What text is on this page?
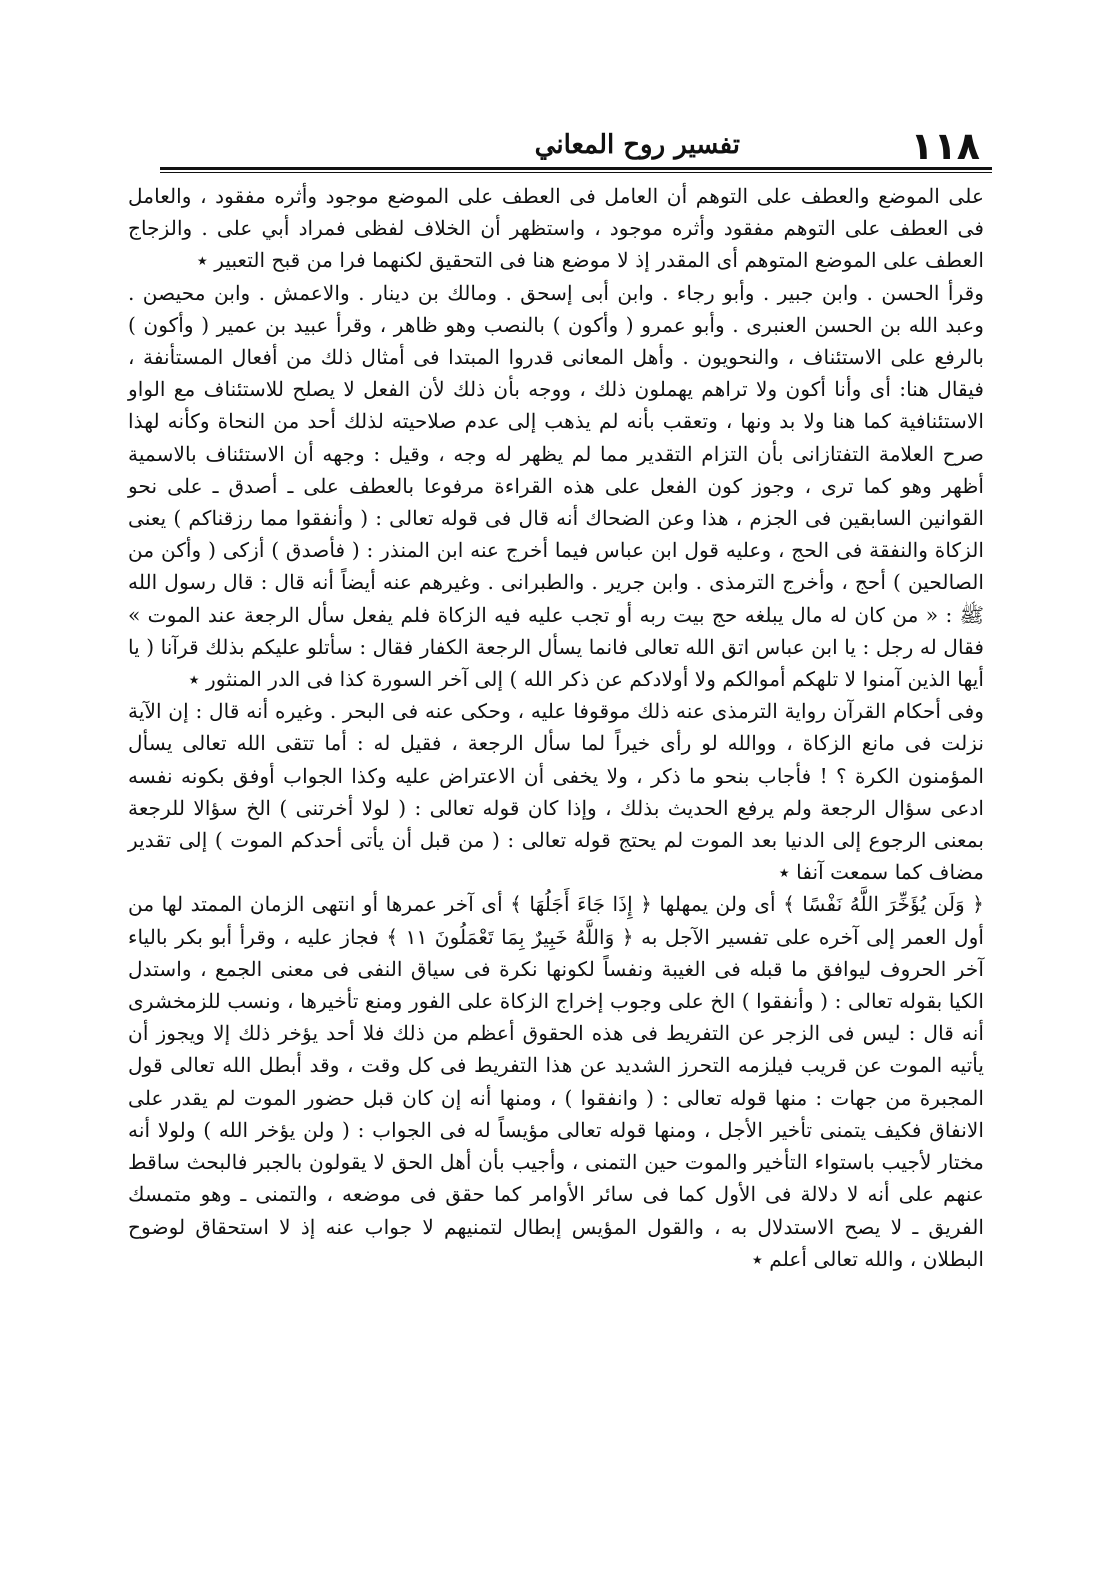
١١٨
تفسير روح المعاني

على الموضع والعطف على التوهم أن العامل فى العطف على الموضع موجود وأثره مفقود ، والعامل فى العطف على التوهم مفقود وأثره موجود ، واستظهر أن الخلاف لفظى فمراد أبي على . والزجاج العطف على الموضع المتوهم أى المقدر إذ لا موضع هنا فى التحقيق لكنهما فرا من قبح التعبير ٭

وقرأ الحسن . وابن جبير . وأبو رجاء . وابن أبى إسحق . ومالك بن دينار . والاعمش . وابن محيصن . وعبد الله بن الحسن العنبرى . وأبو عمرو ( وأكون ) بالنصب وهو ظاهر ، وقرأ عبيد بن عمير ( وأكون ) بالرفع على الاستئناف ، والنحويون . وأهل المعانى قدروا المبتدا فى أمثال ذلك من أفعال المستأنفة ، فيقال هنا: أى وأنا أكون ولا تراهم يهملون ذلك ، ووجه بأن ذلك لأن الفعل لا يصلح للاستئناف مع الواو الاستئنافية كما هنا ولا بد ونها ، وتعقب بأنه لم يذهب إلى عدم صلاحيته لذلك أحد من النحاة وكأنه لهذا صرح العلامة التفتازانى بأن التزام التقدير مما لم يظهر له وجه ، وقيل : وجهه أن الاستئناف بالاسمية أظهر وهو كما ترى ، وجوز كون الفعل على هذه القراءة مرفوعا بالعطف على ـ أصدق ـ على نحو القوانين السابقين فى الجزم ، هذا وعن الضحاك أنه قال فى قوله تعالى : ( وأنفقوا مما رزقناكم ) يعنى الزكاة والنفقة فى الحج ، وعليه قول ابن عباس فيما أخرج عنه ابن المنذر : ( فأصدق ) أزكى ( وأكن من الصالحين ) أحج ، وأخرج الترمذى . وابن جرير . والطبرانى . وغيرهم عنه أيضاً أنه قال : قال رسول الله ﷺ : « من كان له مال يبلغه حج بيت ربه أو تجب عليه فيه الزكاة فلم يفعل سأل الرجعة عند الموت » فقال له رجل : يا ابن عباس اتق الله تعالى فانما يسأل الرجعة الكفار فقال : سأتلو عليكم بذلك قرآنا ( يا أيها الذين آمنوا لا تلهكم أموالكم ولا أولادكم عن ذكر الله ) إلى آخر السورة كذا فى الدر المنثور ٭

وفى أحكام القرآن رواية الترمذى عنه ذلك موقوفا عليه ، وحكى عنه فى البحر . وغيره أنه قال : إن الآية نزلت فى مانع الزكاة ، ووالله لو رأى خيراً لما سأل الرجعة ، فقيل له : أما تتقى الله تعالى يسأل المؤمنون الكرة ؟ ! فأجاب بنحو ما ذكر ، ولا يخفى أن الاعتراض عليه وكذا الجواب أوفق بكونه نفسه ادعى سؤال الرجعة ولم يرفع الحديث بذلك ، وإذا كان قوله تعالى : ( لولا أخرتنى ) الخ سؤالا للرجعة بمعنى الرجوع إلى الدنيا بعد الموت لم يحتج قوله تعالى : ( من قبل أن يأتى أحدكم الموت ) إلى تقدير مضاف كما سمعت آنفا ٭

﴿ وَلَن يُؤَخِّرَ اللَّهُ نَفْسًا ﴾ أى ولن يمهلها ﴿ إِذَا جَاءَ أَجَلُهَا ﴾ أى آخر عمرها أو انتهى الزمان الممتد لها من أول العمر إلى آخره على تفسير الآجل به ﴿ وَاللَّهُ خَبِيرٌ بِمَا تَعْمَلُونَ ١١ ﴾ فجاز عليه ، وقرأ أبو بكر بالياء آخر الحروف ليوافق ما قبله فى الغيبة ونفساً لكونها نكرة فى سياق النفى فى معنى الجمع ، واستدل الكيا بقوله تعالى : ( وأنفقوا ) الخ على وجوب إخراج الزكاة على الفور ومنع تأخيرها ، ونسب للزمخشرى أنه قال : ليس فى الزجر عن التفريط فى هذه الحقوق أعظم من ذلك فلا أحد يؤخر ذلك إلا ويجوز أن يأتيه الموت عن قريب فيلزمه التحرز الشديد عن هذا التفريط فى كل وقت ، وقد أبطل الله تعالى قول المجبرة من جهات : منها قوله تعالى : ( وانفقوا ) ، ومنها أنه إن كان قبل حضور الموت لم يقدر على الانفاق فكيف يتمنى تأخير الأجل ، ومنها قوله تعالى مؤيساً له فى الجواب : ( ولن يؤخر الله ) ولولا أنه مختار لأجيب باستواء التأخير والموت حين التمنى ، وأجيب بأن أهل الحق لا يقولون بالجبر فالبحث ساقط عنهم على أنه لا دلالة فى الأول كما فى سائر الأوامر كما حقق فى موضعه ، والتمنى ـ وهو متمسك الفريق ـ لا يصح الاستدلال به ، والقول المؤيس إبطال لتمنيهم لا جواب عنه إذ لا استحقاق لوضوح البطلان ، والله تعالى أعلم ٭
